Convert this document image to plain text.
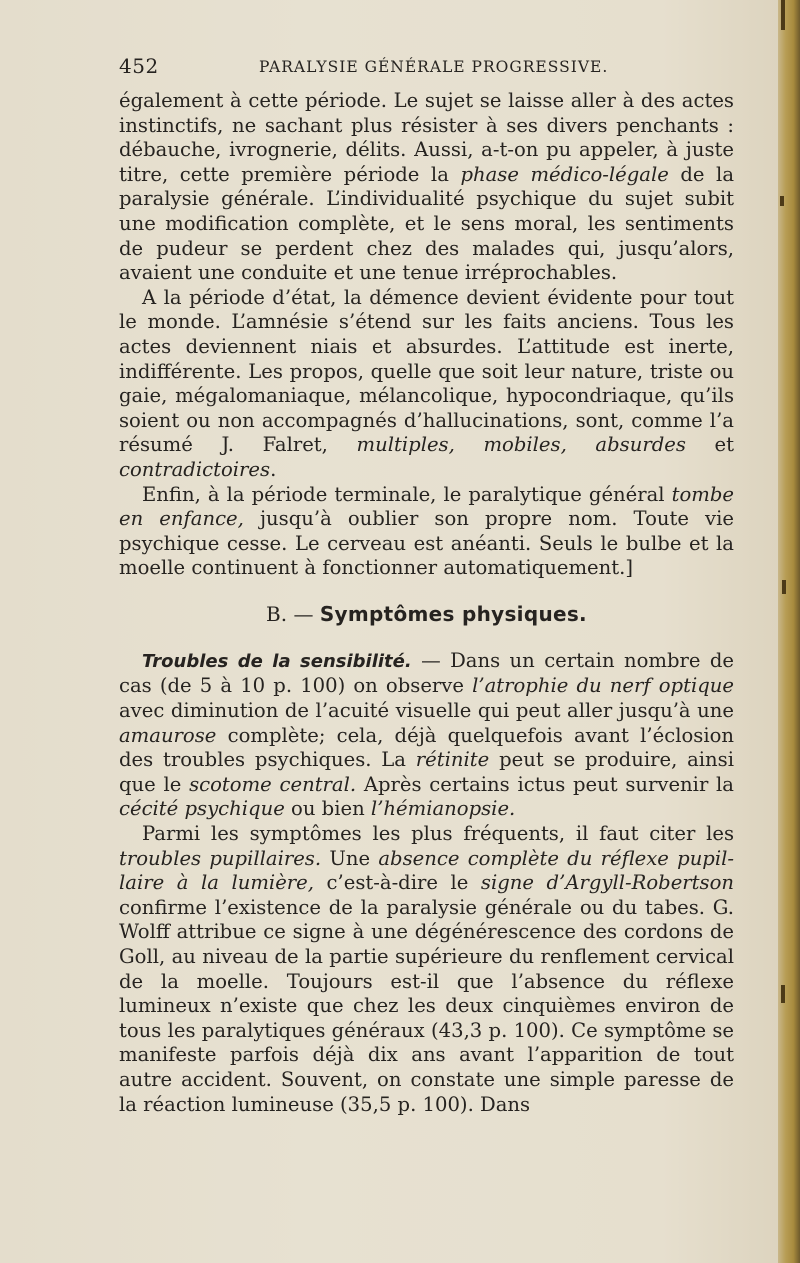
452	PARALYSIE GÉNÉRALE PROGRESSIVE.

également à cette période. Le sujet se laisse aller à des actes instinctifs, ne sachant plus résister à ses divers penchants : débauche, ivrognerie, délits. Aussi, a-t-on pu appeler, à juste titre, cette première période la phase médico-légale de la paralysie générale. L’individualité psychique du sujet subit une modification complète, et le sens moral, les sentiments de pudeur se perdent chez des malades qui, jusqu’alors, avaient une conduite et une tenue irréprochables.

A la période d’état, la démence devient évidente pour tout le monde. L’amnésie s’étend sur les faits anciens. Tous les actes deviennent niais et absurdes. L’attitude est inerte, indifférente. Les propos, quelle que soit leur nature, triste ou gaie, mégalomaniaque, mélancolique, hypocondriaque, qu’ils soient ou non accompagnés d’hallucinations, sont, comme l’a résumé J. Falret, multiples, mobiles, absurdes et contradictoires.

Enfin, à la période terminale, le paralytique général tombe en enfance, jusqu’à oublier son propre nom. Toute vie psychique cesse. Le cerveau est anéanti. Seuls le bulbe et la moelle continuent à fonctionner automatiquement.]

B. — Symptômes physiques.

Troubles de la sensibilité. — Dans un certain nombre de cas (de 5 à 10 p. 100) on observe l’atrophie du nerf optique avec diminution de l’acuité visuelle qui peut aller jusqu’à une amaurose complète; cela, déjà quelquefois avant l’éclosion des troubles psychiques. La rétinite peut se produire, ainsi que le scotome central. Après certains ictus peut survenir la cécité psychique ou bien l’hémianopsie.

Parmi les symptômes les plus fréquents, il faut citer les troubles pupillaires. Une absence complète du réflexe pupillaire à la lumière, c’est-à-dire le signe d’Argyll-Robertson confirme l’existence de la paralysie générale ou du tabes. G. Wolff attribue ce signe à une dégénérescence des cordons de Goll, au niveau de la partie supérieure du renflement cervical de la moelle. Toujours est-il que l’absence du réflexe lumineux n’existe que chez les deux cinquièmes environ de tous les paralytiques généraux (43,3 p. 100). Ce symptôme se manifeste parfois déjà dix ans avant l’apparition de tout autre accident. Souvent, on constate une simple paresse de la réaction lumineuse (35,5 p. 100). Dans
